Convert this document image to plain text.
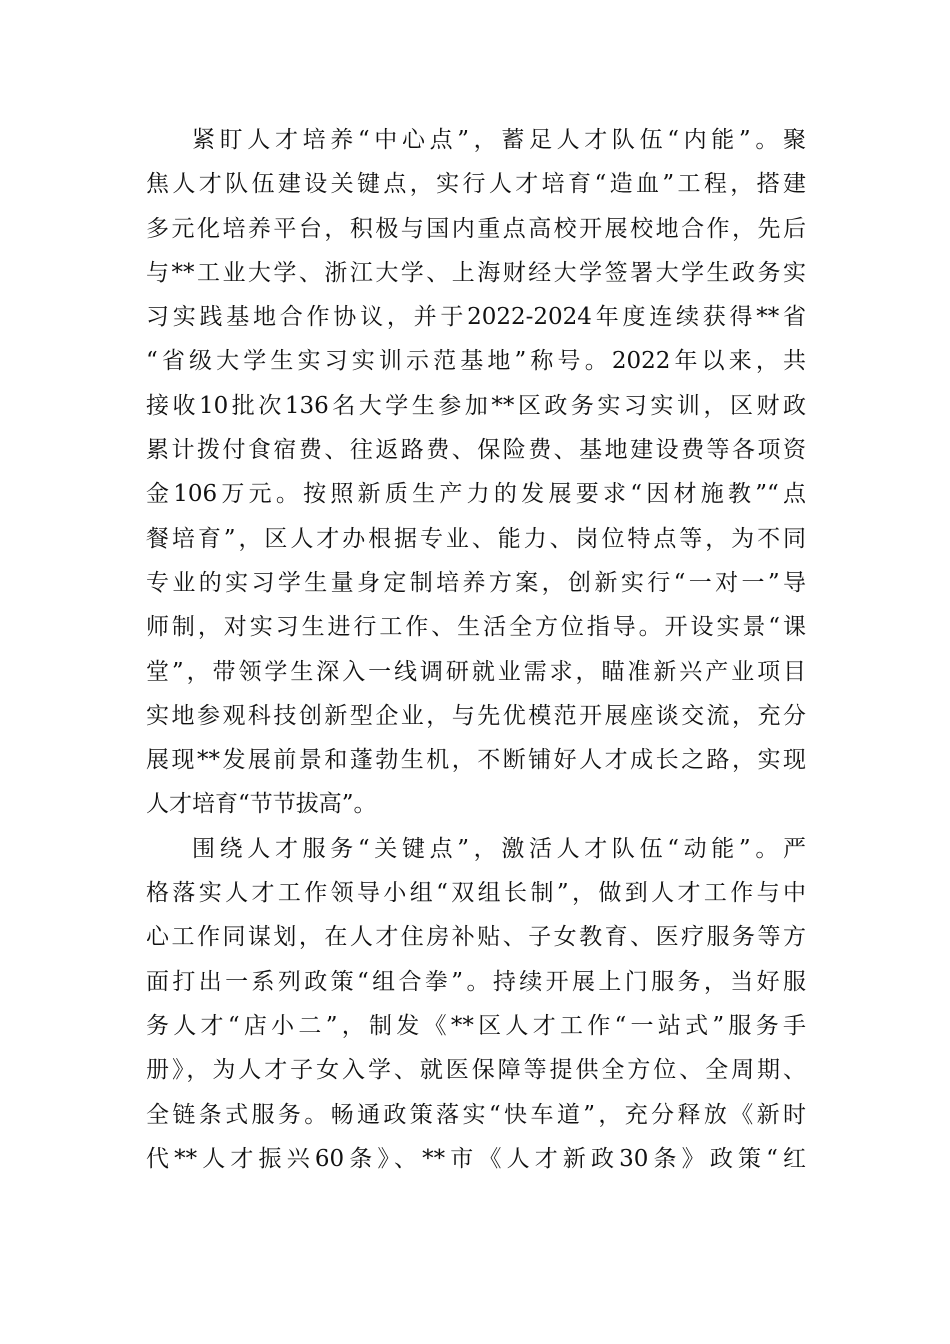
紧盯人才培养“中心点”，蓄足人才队伍“内能”。聚
焦人才队伍建设关键点，实行人才培育“造血”工程，搭建
多元化培养平台，积极与国内重点高校开展校地合作，先后
与**工业大学、浙江大学、上海财经大学签署大学生政务实
习实践基地合作协议，并于2022-2024年度连续获得**省
“省级大学生实习实训示范基地”称号。2022年以来，共
接收10批次136名大学生参加**区政务实习实训，区财政
累计拨付食宿费、往返路费、保险费、基地建设费等各项资
金106万元。按照新质生产力的发展要求“因材施教”“点
餐培育”，区人才办根据专业、能力、岗位特点等，为不同
专业的实习学生量身定制培养方案，创新实行“一对一”导
师制，对实习生进行工作、生活全方位指导。开设实景“课
堂”，带领学生深入一线调研就业需求，瞄准新兴产业项目
实地参观科技创新型企业，与先优模范开展座谈交流，充分
展现**发展前景和蓬勃生机，不断铺好人才成长之路，实现
人才培育“节节拔高”。
围绕人才服务“关键点”，激活人才队伍“动能”。严
格落实人才工作领导小组“双组长制”，做到人才工作与中
心工作同谋划，在人才住房补贴、子女教育、医疗服务等方
面打出一系列政策“组合拳”。持续开展上门服务，当好服
务人才“店小二”，制发《**区人才工作“一站式”服务手
册》，为人才子女入学、就医保障等提供全方位、全周期、
全链条式服务。畅通政策落实“快车道”，充分释放《新时
代**人才振兴60条》、**市《人才新政30条》政策“红
